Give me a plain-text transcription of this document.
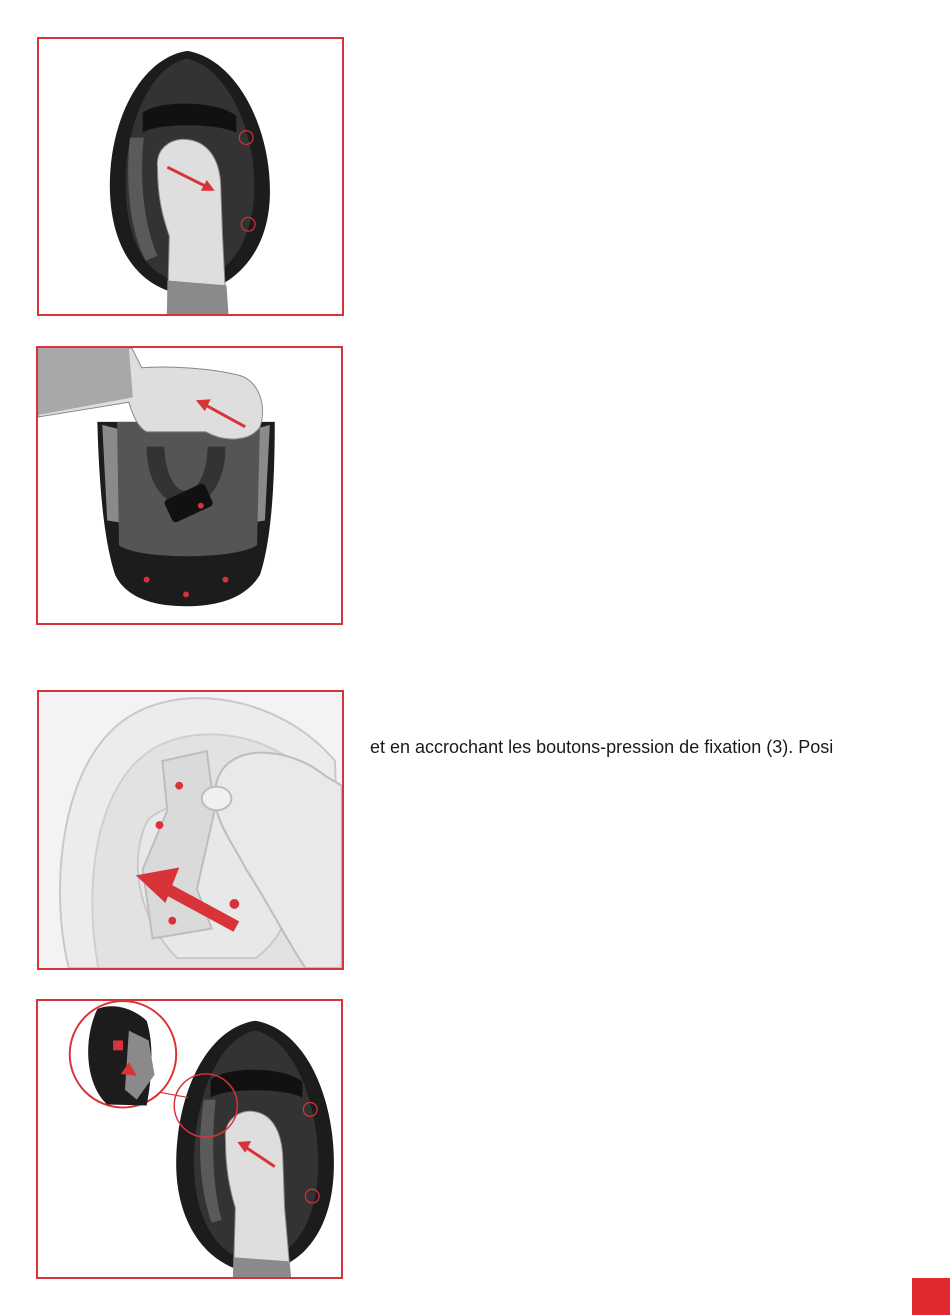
et en accrochant les boutons-pression de fixation (3). Posi
